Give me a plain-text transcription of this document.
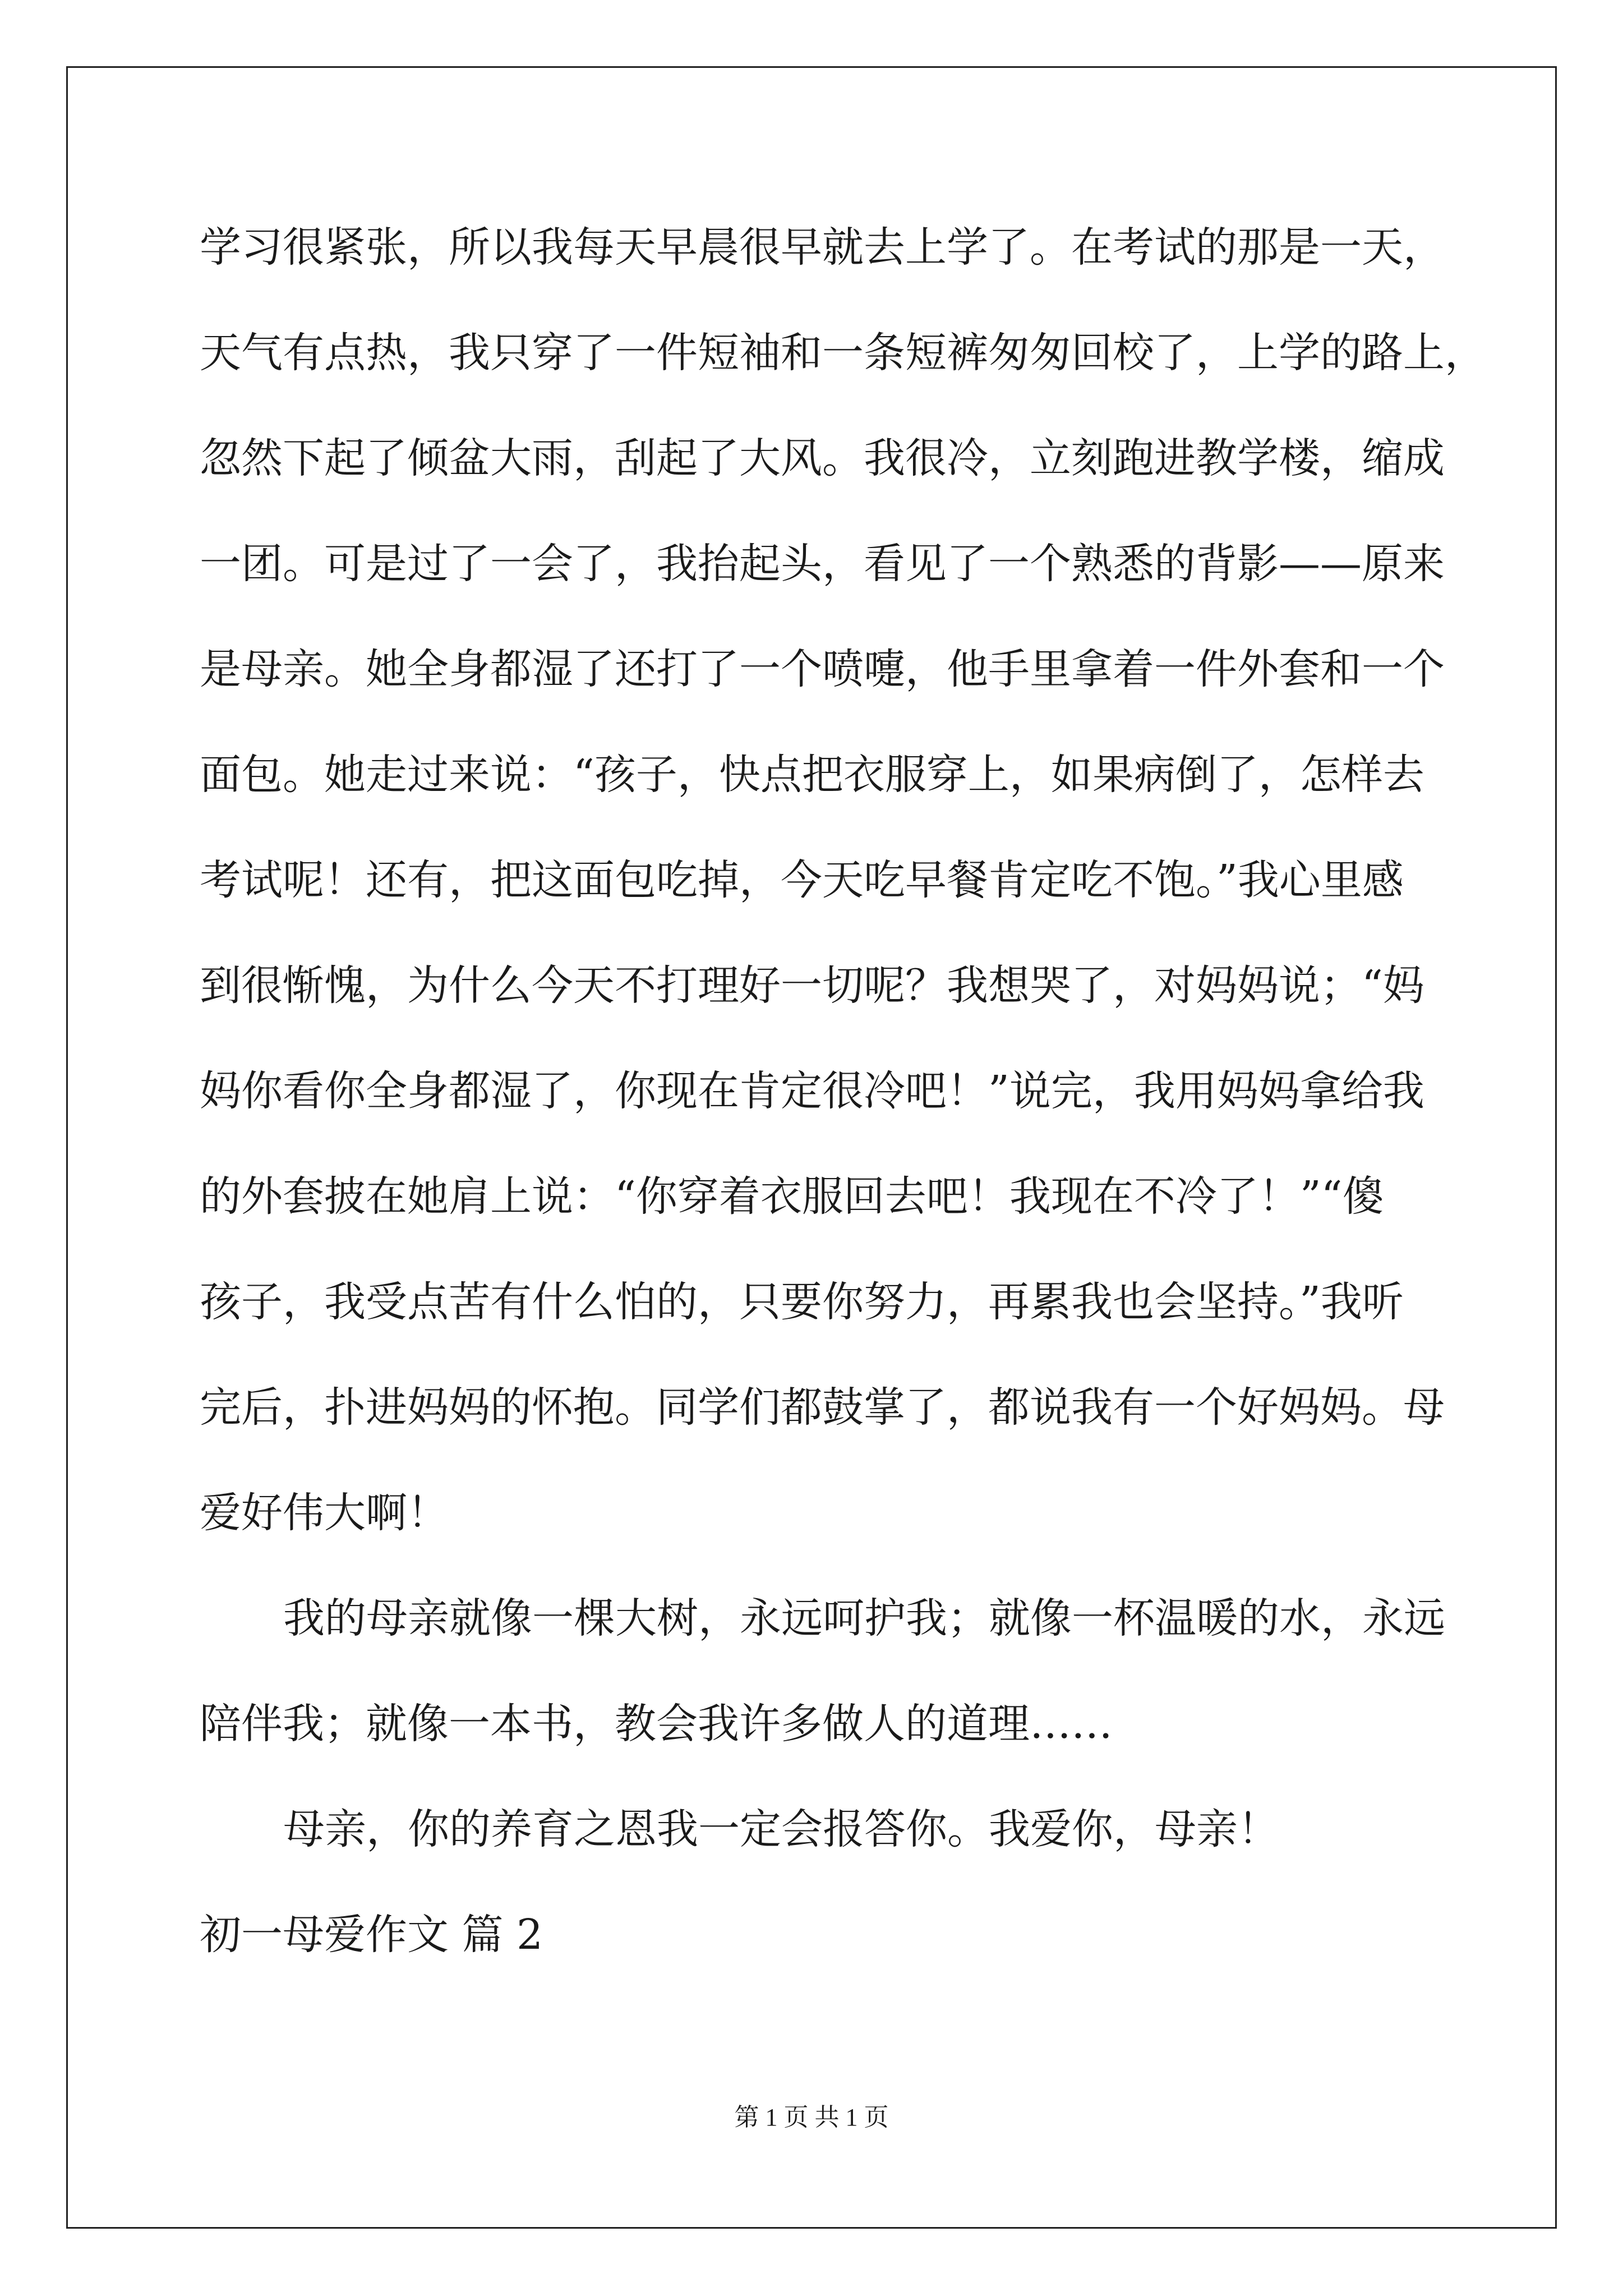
学习很紧张，所以我每天早晨很早就去上学了。在考试的那是一天，
天气有点热，我只穿了一件短袖和一条短裤匆匆回校了，上学的路上，
忽然下起了倾盆大雨，刮起了大风。我很冷，立刻跑进教学楼，缩成
一团。可是过了一会了，我抬起头，看见了一个熟悉的背影——原来
是母亲。她全身都湿了还打了一个喷嚏，他手里拿着一件外套和一个
面包。她走过来说：“孩子，快点把衣服穿上，如果病倒了，怎样去
考试呢！还有，把这面包吃掉，今天吃早餐肯定吃不饱。”我心里感
到很惭愧，为什么今天不打理好一切呢？我想哭了，对妈妈说；“妈
妈你看你全身都湿了，你现在肯定很冷吧！”说完，我用妈妈拿给我
的外套披在她肩上说：“你穿着衣服回去吧！我现在不冷了！”“傻
孩子，我受点苦有什么怕的，只要你努力，再累我也会坚持。”我听
完后，扑进妈妈的怀抱。同学们都鼓掌了，都说我有一个好妈妈。母
爱好伟大啊！
我的母亲就像一棵大树，永远呵护我；就像一杯温暖的水，永远
陪伴我；就像一本书，教会我许多做人的道理……
母亲，你的养育之恩我一定会报答你。我爱你，母亲！
初一母爱作文 篇 2
第 1 页 共 1 页
